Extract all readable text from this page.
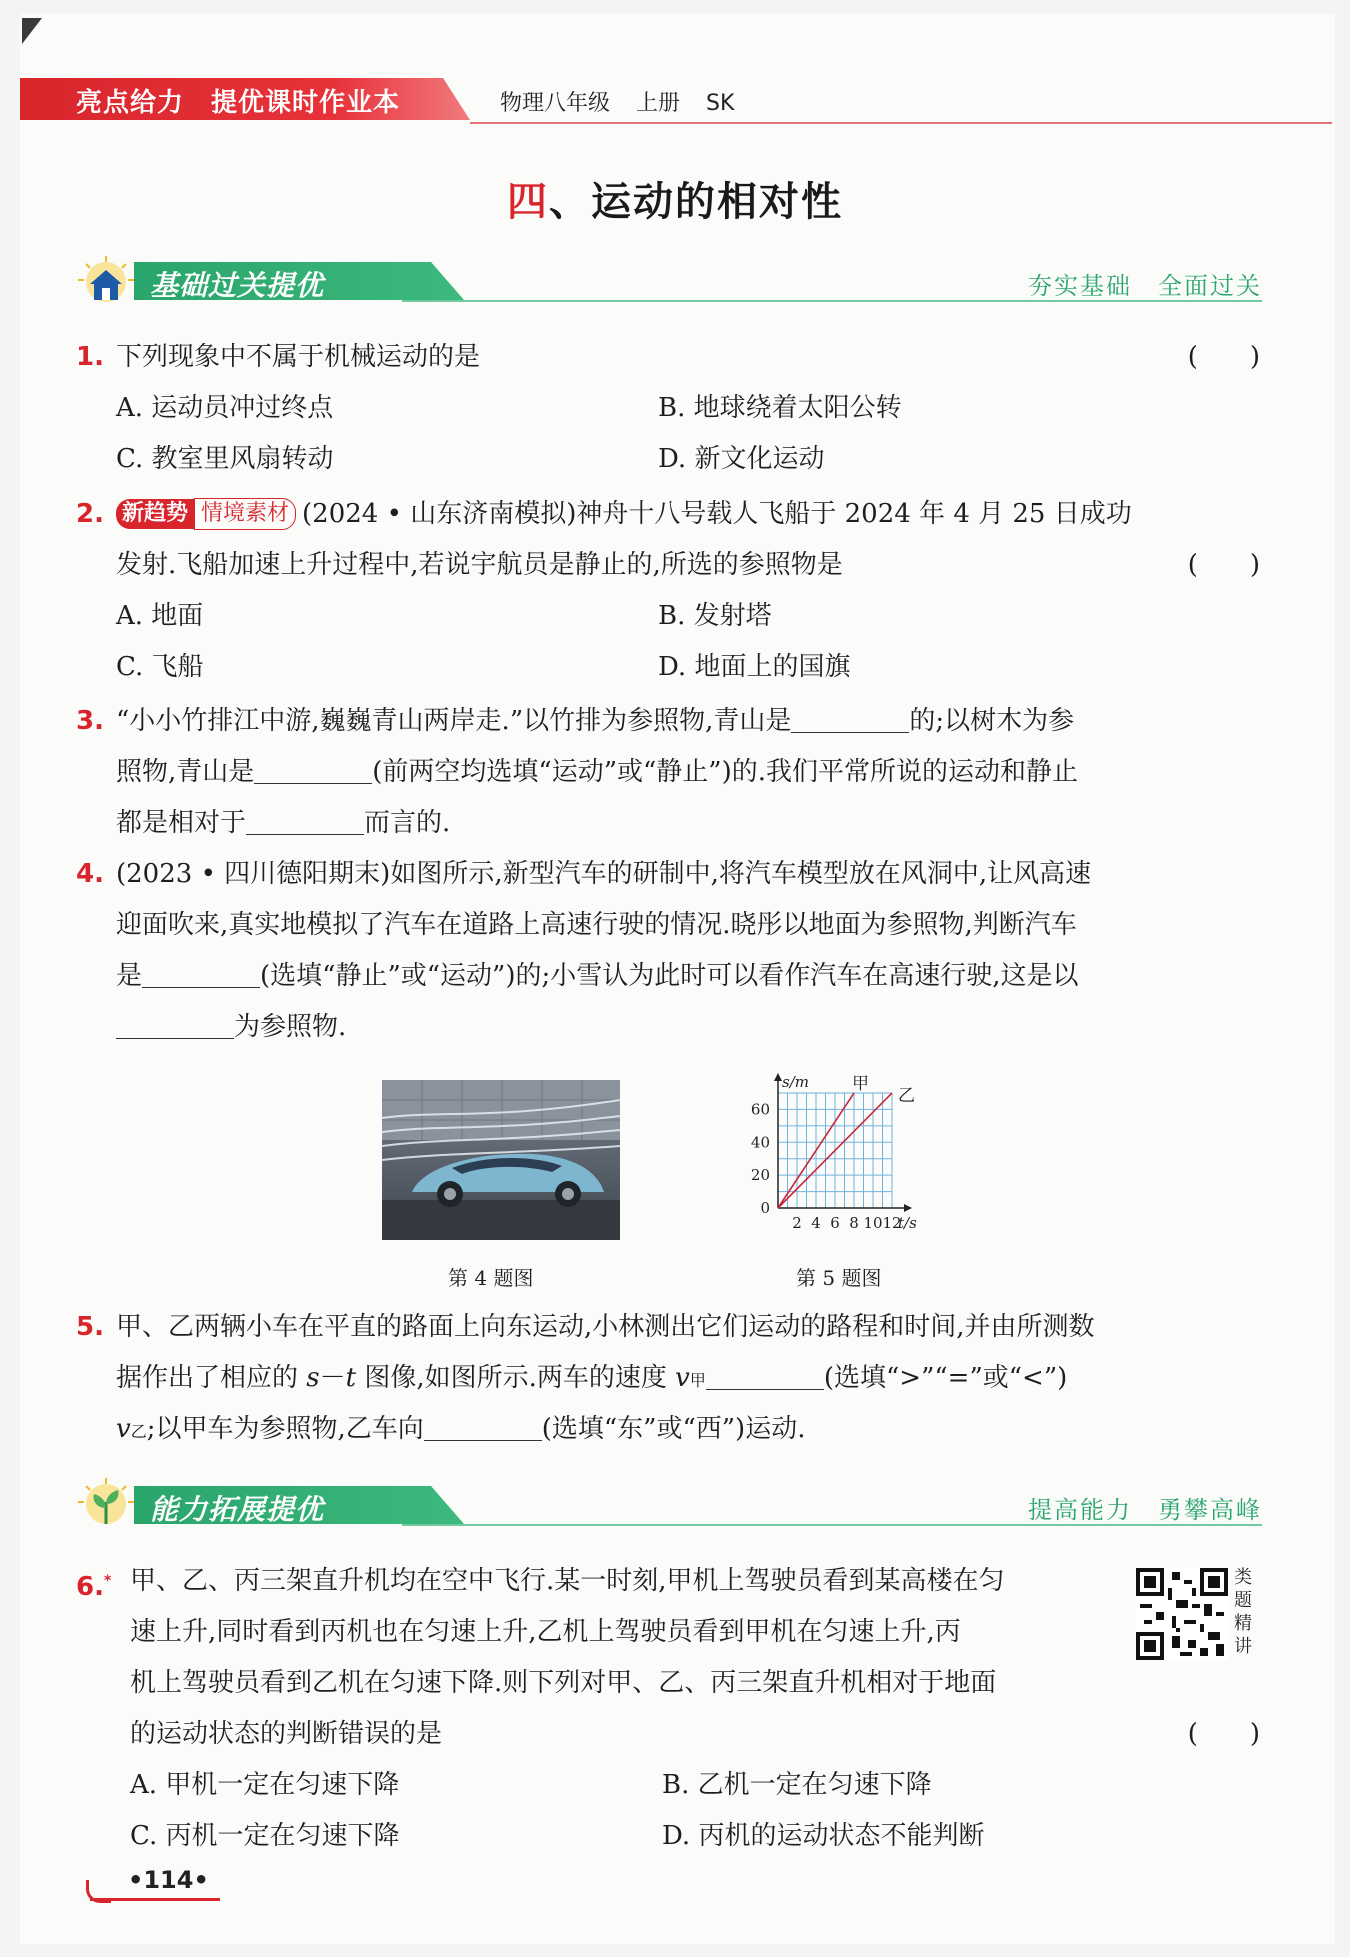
亮点给力　提优课时作业本	物理八年级 上册 SK
四、运动的相对性
基础过关提优	夯实基础　全面过关
1. 下列现象中不属于机械运动的是	(　　)
A. 运动员冲过终点	B. 地球绕着太阳公转
C. 教室里风扇转动	D. 新文化运动
2. 新趋势 情境素材 (2024 • 山东济南模拟)神舟十八号载人飞船于 2024 年 4 月 25 日成功
发射.飞船加速上升过程中,若说宇航员是静止的,所选的参照物是	(　　)
A. 地面	B. 发射塔
C. 飞船	D. 地面上的国旗
3. “小小竹排江中游,巍巍青山两岸走.”以竹排为参照物,青山是	的;以树木为参
照物,青山是	(前两空均选填“运动”或“静止”)的.我们平常所说的运动和静止
都是相对于	而言的.
4. (2023 • 四川德阳期末)如图所示,新型汽车的研制中,将汽车模型放在风洞中,让风高速
迎面吹来,真实地模拟了汽车在道路上高速行驶的情况.晓彤以地面为参照物,判断汽车
是	(选填“静止”或“运动”)的;小雪认为此时可以看作汽车在高速行驶,这是以
为参照物.
第 4 题图
2 4 6 8 10 12
0
20
40
60
t/s
s/m	甲
乙
第 5 题图
5. 甲、乙两辆小车在平直的路面上向东运动,小林测出它们运动的路程和时间,并由所测数
据作出了相应的 s－t 图像,如图所示.两车的速度 v甲	(选填“>”“=”或“<”)
v乙;以甲车为参照物,乙车向	(选填“东”或“西”)运动.
能力拓展提优	提高能力　勇攀高峰
6.* 甲、乙、丙三架直升机均在空中飞行.某一时刻,甲机上驾驶员看到某高楼在匀
速上升,同时看到丙机也在匀速上升,乙机上驾驶员看到甲机在匀速上升,丙
机上驾驶员看到乙机在匀速下降.则下列对甲、乙、丙三架直升机相对于地面
的运动状态的判断错误的是	(　　)
A. 甲机一定在匀速下降	B. 乙机一定在匀速下降
C. 丙机一定在匀速下降	D. 丙机的运动状态不能判断
类题精讲
•114•
